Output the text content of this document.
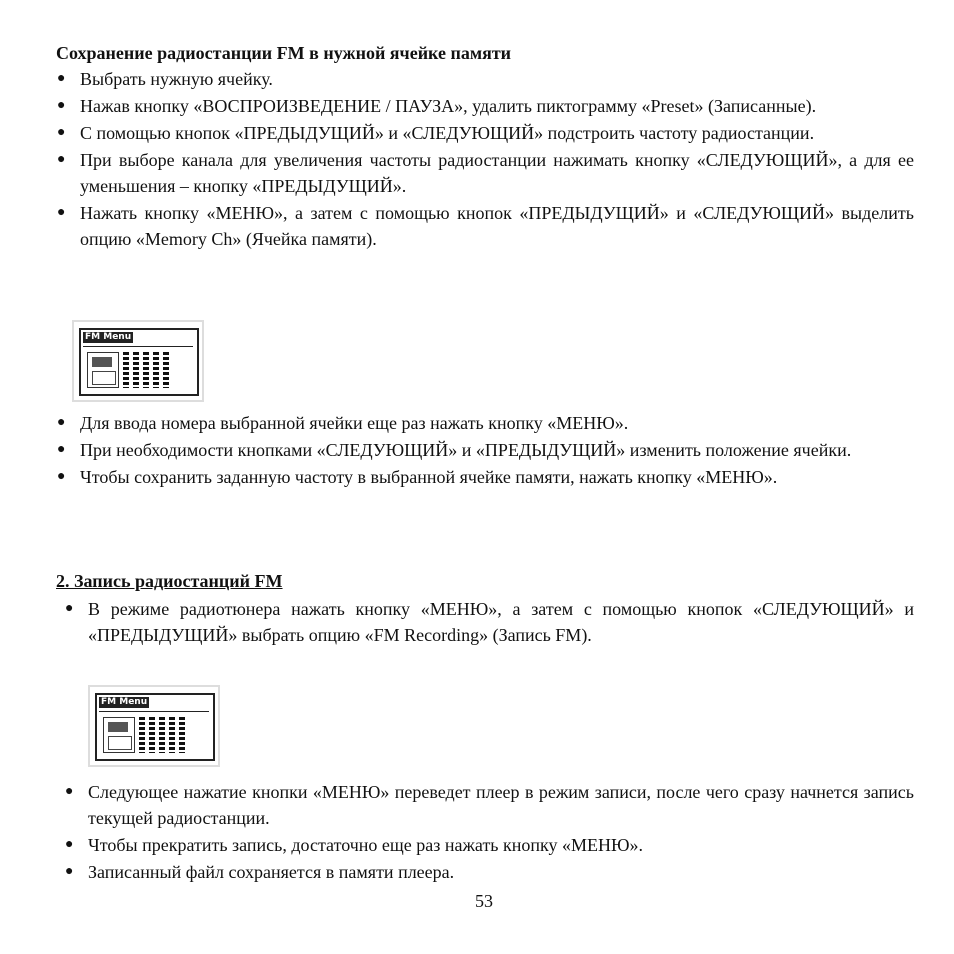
Сохранение радиостанции FM в нужной ячейке памяти
● Выбрать нужную ячейку.
● Нажав кнопку «ВОСПРОИЗВЕДЕНИЕ / ПАУЗА», удалить пиктограмму «Preset» (Записанные).
● С помощью кнопок «ПРЕДЫДУЩИЙ» и «СЛЕДУЮЩИЙ» подстроить частоту радиостанции.
● При выборе канала для увеличения частоты радиостанции нажимать кнопку «СЛЕДУЮЩИЙ», а для ее уменьшения – кнопку «ПРЕДЫДУЩИЙ».
● Нажать кнопку «МЕНЮ», а затем с помощью кнопок «ПРЕДЫДУЩИЙ» и «СЛЕДУЮЩИЙ» выделить опцию «Memory Ch» (Ячейка памяти).
FM Menu
● Для ввода номера выбранной ячейки еще раз нажать кнопку «МЕНЮ».
● При необходимости кнопками «СЛЕДУЮЩИЙ» и «ПРЕДЫДУЩИЙ» изменить положение ячейки.
● Чтобы сохранить заданную частоту в выбранной ячейке памяти, нажать кнопку «МЕНЮ».
2. Запись радиостанций FM
● В режиме радиотюнера нажать кнопку «МЕНЮ», а затем с помощью кнопок «СЛЕДУЮЩИЙ» и «ПРЕДЫДУЩИЙ» выбрать опцию «FM Recording» (Запись FM).
FM Menu
● Следующее нажатие кнопки «МЕНЮ» переведет плеер в режим записи, после чего сразу начнется запись текущей радиостанции.
● Чтобы прекратить запись, достаточно еще раз нажать кнопку «МЕНЮ».
● Записанный файл сохраняется в памяти плеера.
53
